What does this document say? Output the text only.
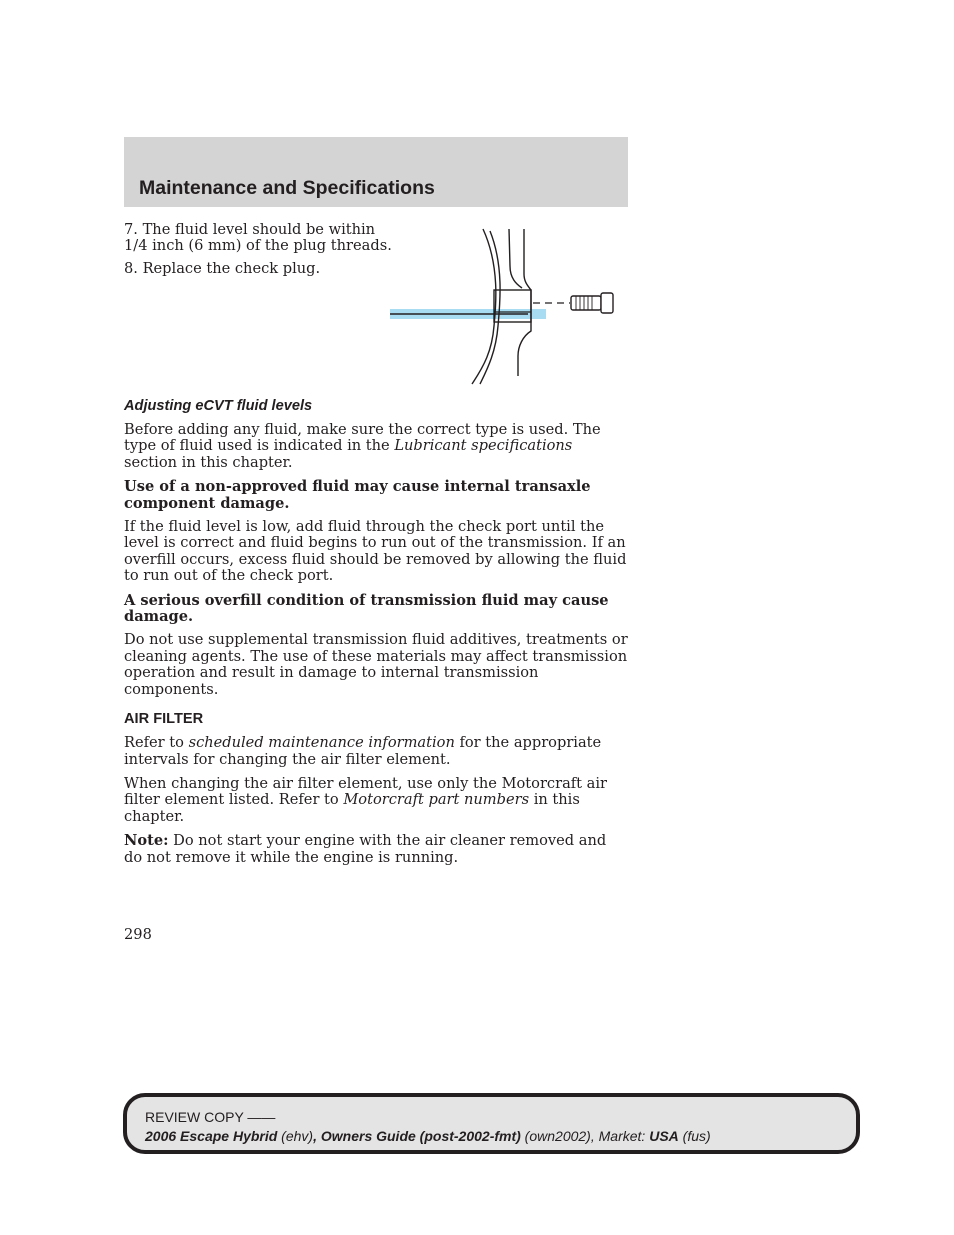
Maintenance and Specifications

7. The fluid level should be within 1/4 inch (6 mm) of the plug threads.

8. Replace the check plug.

Adjusting eCVT fluid levels

Before adding any fluid, make sure the correct type is used. The type of fluid used is indicated in the Lubricant specifications section in this chapter.

Use of a non-approved fluid may cause internal transaxle component damage.

If the fluid level is low, add fluid through the check port until the level is correct and fluid begins to run out of the transmission. If an overfill occurs, excess fluid should be removed by allowing the fluid to run out of the check port.

A serious overfill condition of transmission fluid may cause damage.

Do not use supplemental transmission fluid additives, treatments or cleaning agents. The use of these materials may affect transmission operation and result in damage to internal transmission components.

AIR FILTER

Refer to scheduled maintenance information for the appropriate intervals for changing the air filter element.

When changing the air filter element, use only the Motorcraft air filter element listed. Refer to Motorcraft part numbers in this chapter.

Note: Do not start your engine with the air cleaner removed and do not remove it while the engine is running.

298
REVIEW COPY ——
2006 Escape Hybrid (ehv), Owners Guide (post-2002-fmt) (own2002), Market: USA (fus)
